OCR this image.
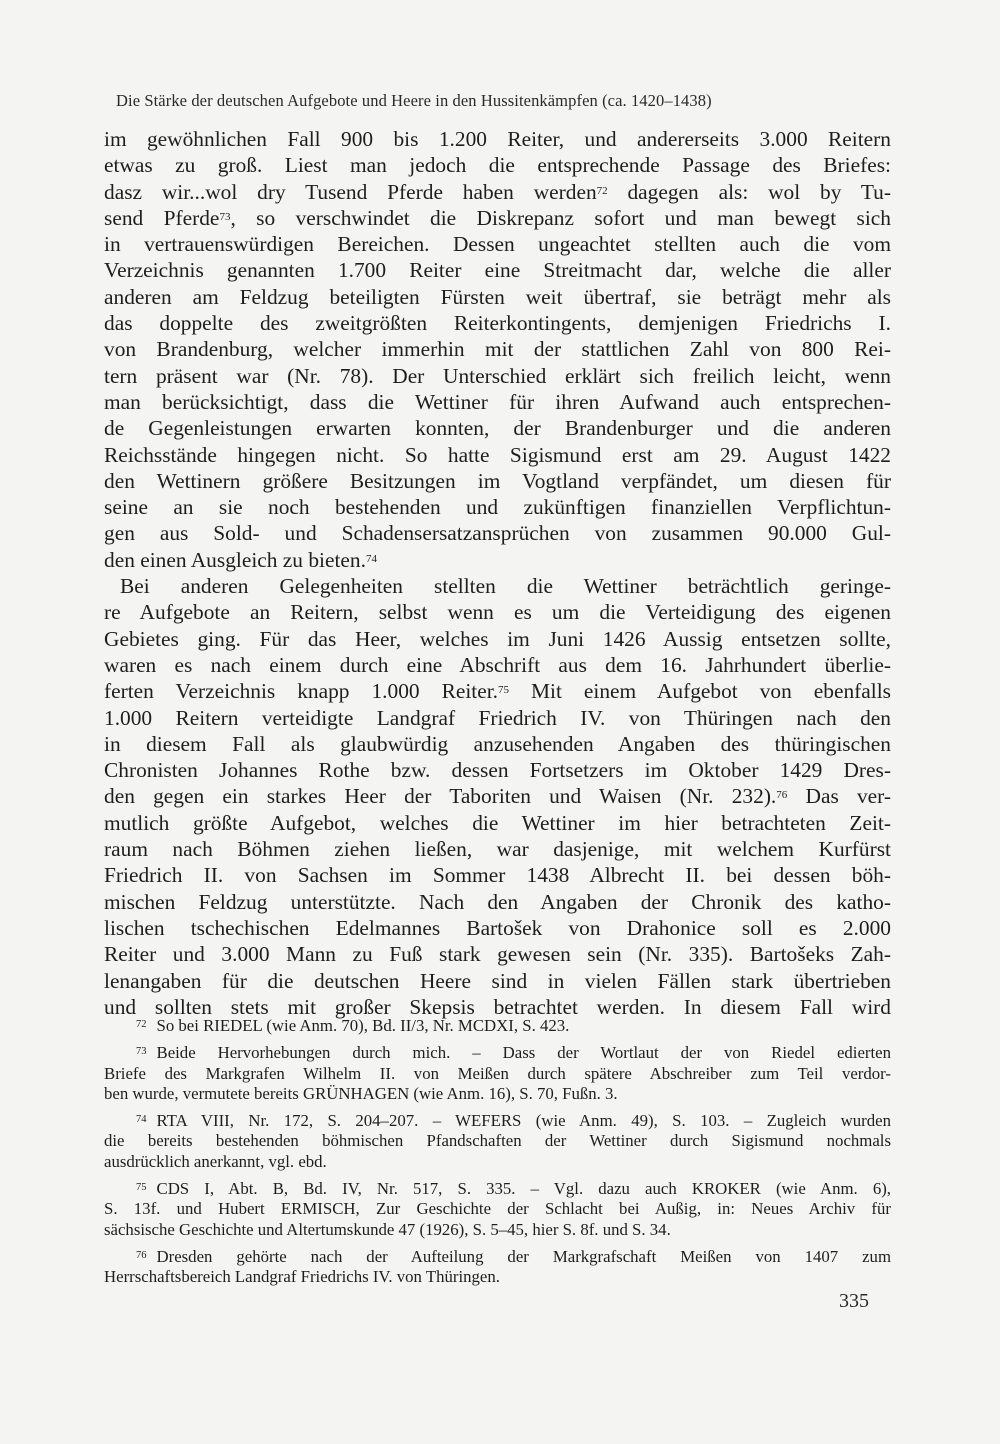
Die Stärke der deutschen Aufgebote und Heere in den Hussitenkämpfen (ca. 1420–1438)
im gewöhnlichen Fall 900 bis 1.200 Reiter, und andererseits 3.000 Reitern
etwas zu groß. Liest man jedoch die entsprechende Passage des Briefes:
dasz wir...wol dry Tusend Pferde haben werden$^{72}$ dagegen als: wol by Tu-
send Pferde$^{73}$, so verschwindet die Diskrepanz sofort und man bewegt sich
in vertrauenswürdigen Bereichen. Dessen ungeachtet stellten auch die vom
Verzeichnis genannten 1.700 Reiter eine Streitmacht dar, welche die aller
anderen am Feldzug beteiligten Fürsten weit übertraf, sie beträgt mehr als
das doppelte des zweitgrößten Reiterkontingents, demjenigen Friedrichs I.
von Brandenburg, welcher immerhin mit der stattlichen Zahl von 800 Rei-
tern präsent war (Nr. 78). Der Unterschied erklärt sich freilich leicht, wenn
man berücksichtigt, dass die Wettiner für ihren Aufwand auch entsprechen-
de Gegenleistungen erwarten konnten, der Brandenburger und die anderen
Reichsstände hingegen nicht. So hatte Sigismund erst am 29. August 1422
den Wettinern größere Besitzungen im Vogtland verpfändet, um diesen für
seine an sie noch bestehenden und zukünftigen finanziellen Verpflichtun-
gen aus Sold- und Schadensersatzansprüchen von zusammen 90.000 Gul-
den einen Ausgleich zu bieten.$^{74}$
Bei anderen Gelegenheiten stellten die Wettiner beträchtlich geringe-
re Aufgebote an Reitern, selbst wenn es um die Verteidigung des eigenen
Gebietes ging. Für das Heer, welches im Juni 1426 Aussig entsetzen sollte,
waren es nach einem durch eine Abschrift aus dem 16. Jahrhundert überlie-
ferten Verzeichnis knapp 1.000 Reiter.$^{75}$ Mit einem Aufgebot von ebenfalls
1.000 Reitern verteidigte Landgraf Friedrich IV. von Thüringen nach den
in diesem Fall als glaubwürdig anzusehenden Angaben des thüringischen
Chronisten Johannes Rothe bzw. dessen Fortsetzers im Oktober 1429 Dres-
den gegen ein starkes Heer der Taboriten und Waisen (Nr. 232).$^{76}$ Das ver-
mutlich größte Aufgebot, welches die Wettiner im hier betrachteten Zeit-
raum nach Böhmen ziehen ließen, war dasjenige, mit welchem Kurfürst
Friedrich II. von Sachsen im Sommer 1438 Albrecht II. bei dessen böh-
mischen Feldzug unterstützte. Nach den Angaben der Chronik des katho-
lischen tschechischen Edelmannes Bartošek von Drahonice soll es 2.000
Reiter und 3.000 Mann zu Fuß stark gewesen sein (Nr. 335). Bartošeks Zah-
lenangaben für die deutschen Heere sind in vielen Fällen stark übertrieben
und sollten stets mit großer Skepsis betrachtet werden. In diesem Fall wird
$^{72}$ So bei RIEDEL (wie Anm. 70), Bd. II/3, Nr. MCDXI, S. 423.
$^{73}$ Beide Hervorhebungen durch mich. – Dass der Wortlaut der von Riedel edierten
Briefe des Markgrafen Wilhelm II. von Meißen durch spätere Abschreiber zum Teil verdor-
ben wurde, vermutete bereits GRÜNHAGEN (wie Anm. 16), S. 70, Fußn. 3.
$^{74}$ RTA VIII, Nr. 172, S. 204–207. – WEFERS (wie Anm. 49), S. 103. – Zugleich wurden
die bereits bestehenden böhmischen Pfandschaften der Wettiner durch Sigismund nochmals
ausdrücklich anerkannt, vgl. ebd.
$^{75}$ CDS I, Abt. B, Bd. IV, Nr. 517, S. 335. – Vgl. dazu auch KROKER (wie Anm. 6),
S. 13f. und Hubert ERMISCH, Zur Geschichte der Schlacht bei Außig, in: Neues Archiv für
sächsische Geschichte und Altertumskunde 47 (1926), S. 5–45, hier S. 8f. und S. 34.
$^{76}$ Dresden gehörte nach der Aufteilung der Markgrafschaft Meißen von 1407 zum
Herrschaftsbereich Landgraf Friedrichs IV. von Thüringen.
335
